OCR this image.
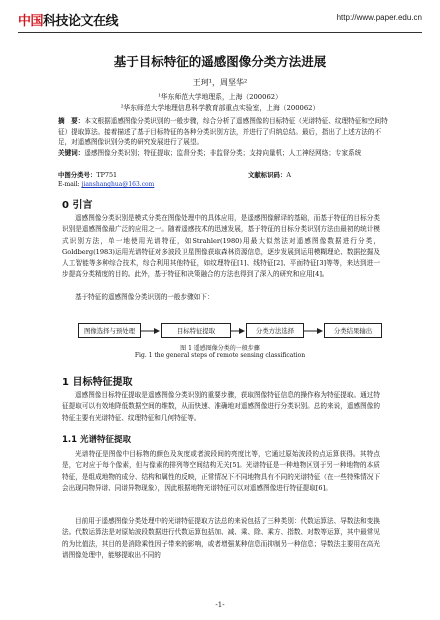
中国科技论文在线	http://www.paper.edu.cn
基于目标特征的遥感图像分类方法进展
王珂¹，周坚华²
¹华东师范大学地理系，上海（200062）
²华东师范大学地理信息科学教育部重点实验室，上海（200062）
摘　要：本文根据遥感图像分类识别的一般步骤，综合分析了遥感图像的目标特征（光谱特征、纹理特征和空间特征）提取算法。接着描述了基于目标特征的各种分类识别方法，并进行了归纳总结。最后，指出了上述方法的不足，对遥感图像识别分类的研究发展进行了展望。
关键词：遥感图像分类识别；特征提取；监督分类；非监督分类；支持向量机；人工神经网络；专家系统
中图分类号：TP751	文献标识码：A
E-mail: jianshanghua@163.com
0 引言
遥感图像分类识别是模式分类在图像处理中的具体应用，是遥感图像解译的基础，而基于特征的目标分类识别是遥感图像最广泛的应用之一。随着遥感技术的迅速发展，基于特征的目标分类识别方法由最初的统计模式识别方法，单一地使用光谱特征，如Strahler(1980)用最大似然法对遥感图像数据进行分类，Goldberg(1983)运用光谱特征对多波段卫星图像获取森林资源信息，逐步发展到运用模糊理论、数据挖掘及人工智能等多种综合技术，综合利用其他特征，如纹理特征[1]、线特征[2]、平面特征[3]等等，来达到进一步提高分类精度的目的。此外，基于特征和决策融合的方法也得到了深入的研究和应用[4]。
基于特征的遥感图像分类识别的一般步骤如下：
图像选择与预处理	目标特征提取	分类方法选择	分类结果输出
图 1 遥感图像分类的一般步骤
Fig. 1 the general steps of remote sensing classification
1 目标特征提取
遥感图像目标特征提取是遥感图像分类识别的重要步骤，获取图像特征信息的操作称为特征提取。通过特征提取可以有效地降低数据空间的维数，从而快速、准确地对遥感图像进行分类识别。总的来说，遥感图像的特征主要有光谱特征、纹理特征和几何特征等。
1.1 光谱特征提取
光谱特征是图像中目标物的颜色及灰度或者波段间的亮度比等，它通过原始波段的点运算获得。其特点是，它对应于每个像素，但与像素的排列等空间结构无关[5]。光谱特征是一种地物区别于另一种地物的本质特征，是组成地物的成分、结构和属性的反映，正常情况下不同地物具有不同的光谱特征（在一些特殊情况下会出现同物异谱、同谱异物现象），因此根据地物光谱特征可以对遥感图像进行特征提取[6]。
目前用于遥感图像分类处理中的光谱特征提取方法总的来说包括了三种类别：代数运算法、导数法和变换法。代数运算法是对原始波段数据进行代数运算包括加、减、乘、除、乘方、指数、对数等运算，其中最常见的为比值法，其目的是消除乘性因子带来的影响，或者增强某种信息而抑制另一种信息；导数法主要用在高光谱图像处理中，能够提取出不同的
-1-
